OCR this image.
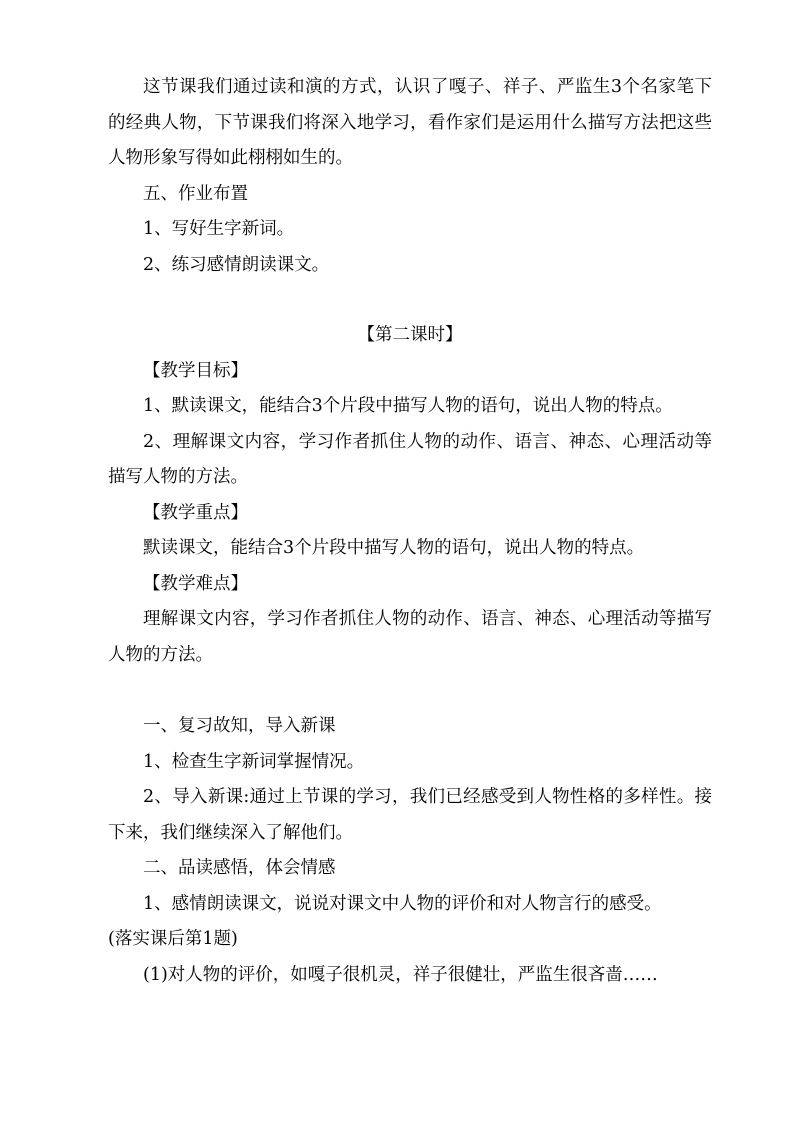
这节课我们通过读和演的方式，认识了嘎子、祥子、严监生3个名家笔下的经典人物，下节课我们将深入地学习，看作家们是运用什么描写方法把这些人物形象写得如此栩栩如生的。

五、作业布置

1、写好生字新词。

2、练习感情朗读课文。

【第二课时】

【教学目标】

1、默读课文，能结合3个片段中描写人物的语句，说出人物的特点。

2、理解课文内容，学习作者抓住人物的动作、语言、神态、心理活动等描写人物的方法。

【教学重点】

默读课文，能结合3个片段中描写人物的语句，说出人物的特点。

【教学难点】

理解课文内容，学习作者抓住人物的动作、语言、神态、心理活动等描写人物的方法。

一、复习故知，导入新课

1、检查生字新词掌握情况。

2、导入新课:通过上节课的学习，我们已经感受到人物性格的多样性。接下来，我们继续深入了解他们。

二、品读感悟，体会情感

1、感情朗读课文，说说对课文中人物的评价和对人物言行的感受。

(落实课后第1题)

(1)对人物的评价，如嘎子很机灵，祥子很健壮，严监生很吝啬……
